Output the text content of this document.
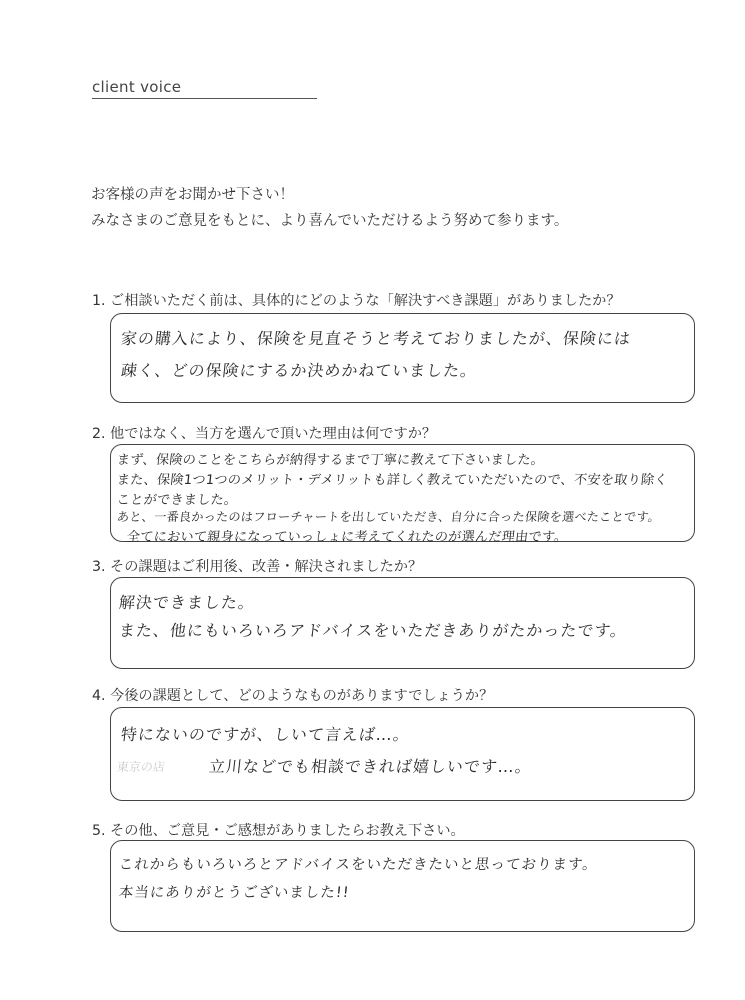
client voice
お客様の声をお聞かせ下さい！
みなさまのご意見をもとに、より喜んでいただけるよう努めて参ります。
1. ご相談いただく前は、具体的にどのような「解決すべき課題」がありましたか？
家の購入により、保険を見直そうと考えておりましたが、保険には
疎く、どの保険にするか決めかねていました。
2. 他ではなく、当方を選んで頂いた理由は何ですか？
まず、保険のことをこちらが納得するまで丁寧に教えて下さいました。
また、保険1つ1つのメリット・デメリットも詳しく教えていただいたので、不安を取り除く
ことができました。
あと、一番良かったのはフローチャートを出していただき、自分に合った保険を選べたことです。
全てにおいて親身になっていっしょに考えてくれたのが選んだ理由です。
3. その課題はご利用後、改善・解決されましたか？
解決できました。
また、他にもいろいろアドバイスをいただきありがたかったです。
4. 今後の課題として、どのようなものがありますでしょうか？
特にないのですが、しいて言えば…。
東京の店	立川などでも相談できれば嬉しいです…。
5. その他、ご意見・ご感想がありましたらお教え下さい。
これからもいろいろとアドバイスをいただきたいと思っております。
本当にありがとうございました!!
